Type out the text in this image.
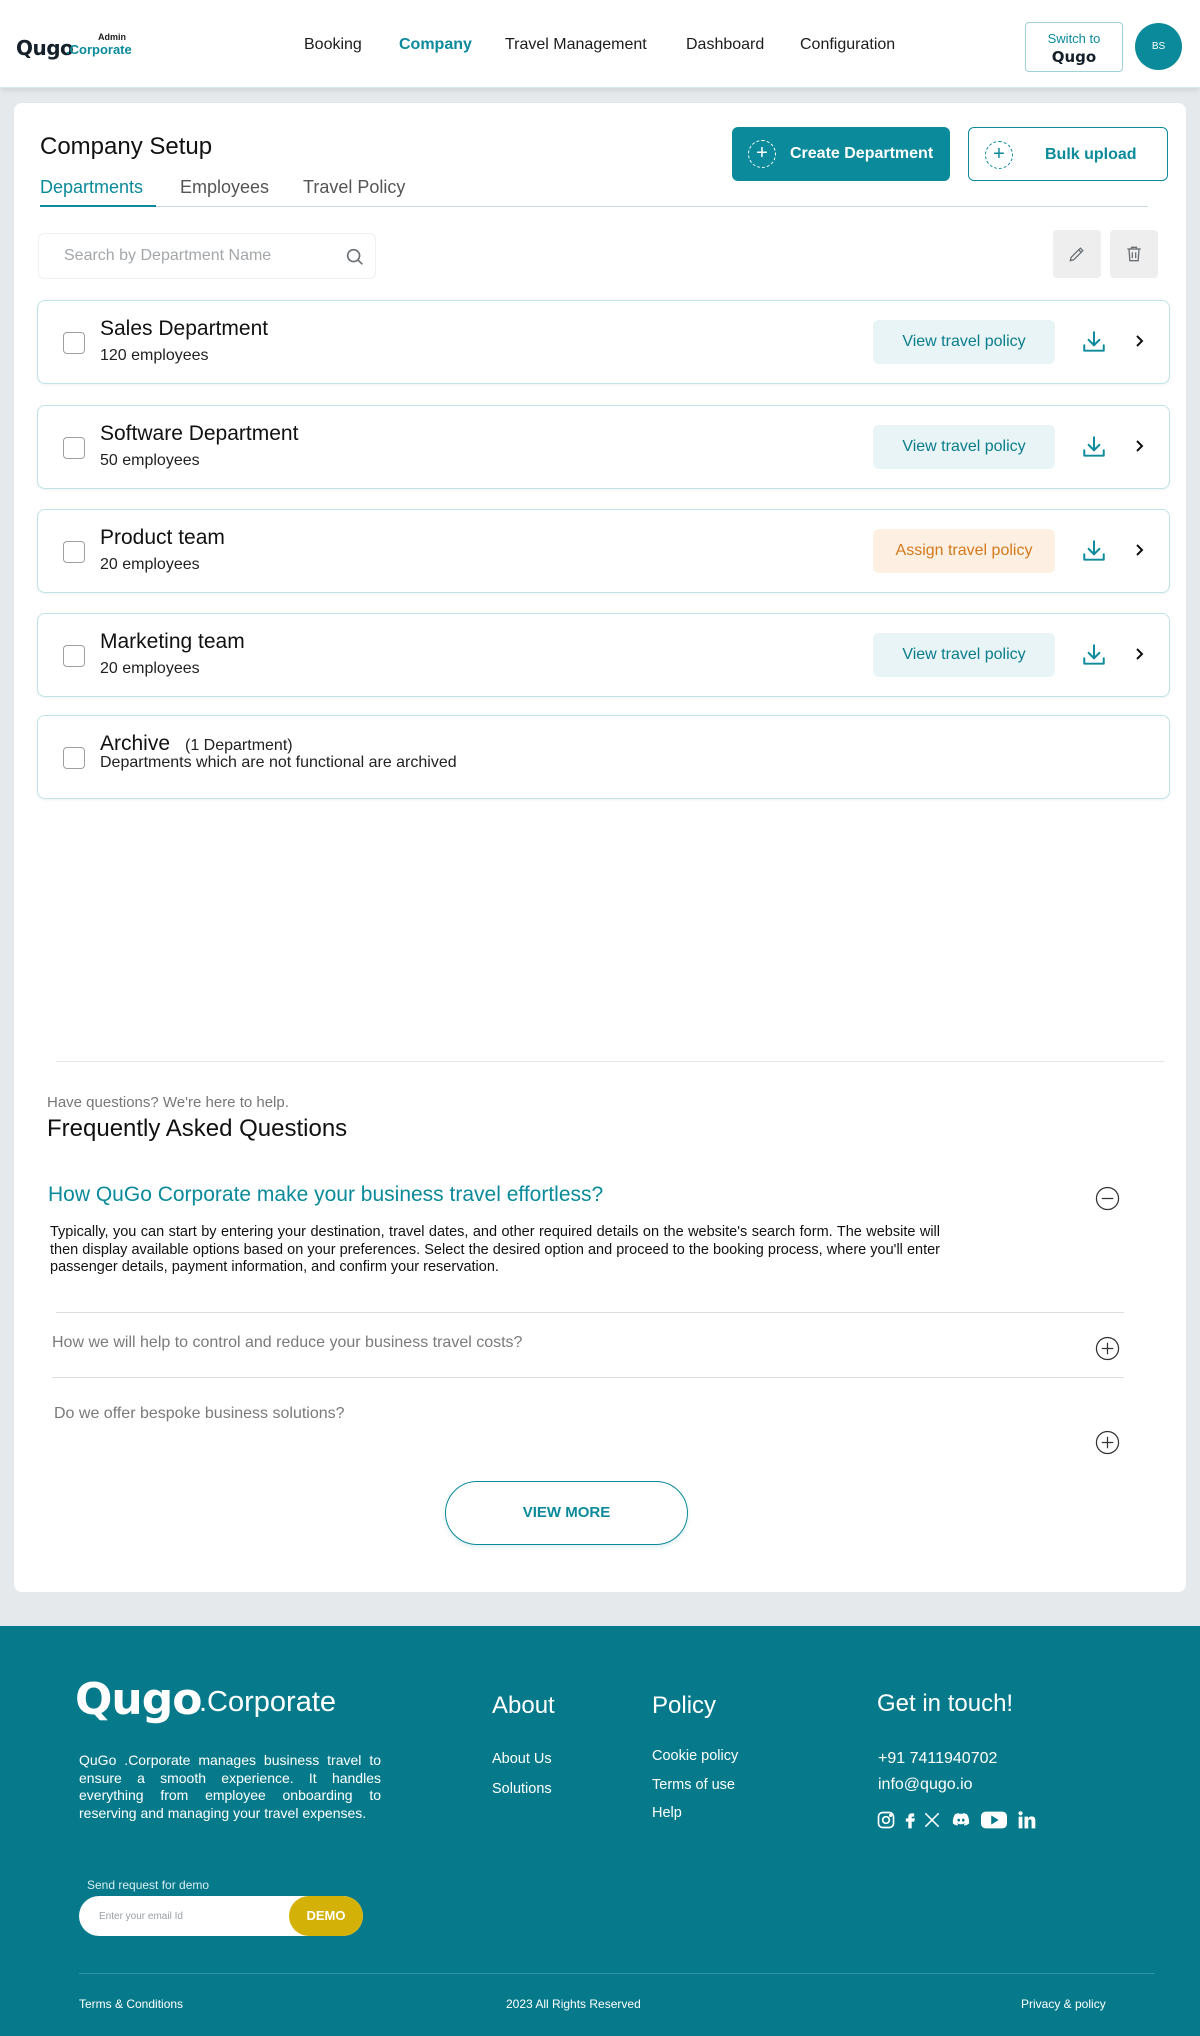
Qugo
.Corporate
Admin	Booking Company Travel Management Dashboard Configuration	Switch to
Qugo
BS
Company Setup	+	Create Department	+	Bulk upload
Departments Employees Travel Policy
Search by Department Name
Sales Department
120 employees
View travel policy
Software Department
50 employees
View travel policy
Product team
20 employees
Assign travel policy
Marketing team
20 employees
View travel policy
Archive (1 Department)
Departments which are not functional are archived
Have questions? We're here to help.
Frequently Asked Questions
How QuGo Corporate make your business travel effortless?
Typically, you can start by entering your destination, travel dates, and other required details on the website's search form. The website will then display available options based on your preferences. Select the desired option and proceed to the booking process, where you'll enter passenger details, payment information, and confirm your reservation.
How we will help to control and reduce your business travel costs?
Do we offer bespoke business solutions?
VIEW MORE
Qugo
.Corporate
QuGo .Corporate manages business travel to ensure a smooth experience. It handles everything from employee onboarding to reserving and managing your travel expenses.
About
About Us
Solutions
Policy
Cookie policy
Terms of use
Help
Get in touch!
+91 7411940702
info@qugo.io
Send request for demo
Enter your email Id
DEMO
Terms & Conditions	2023 All Rights Reserved	Privacy & policy
